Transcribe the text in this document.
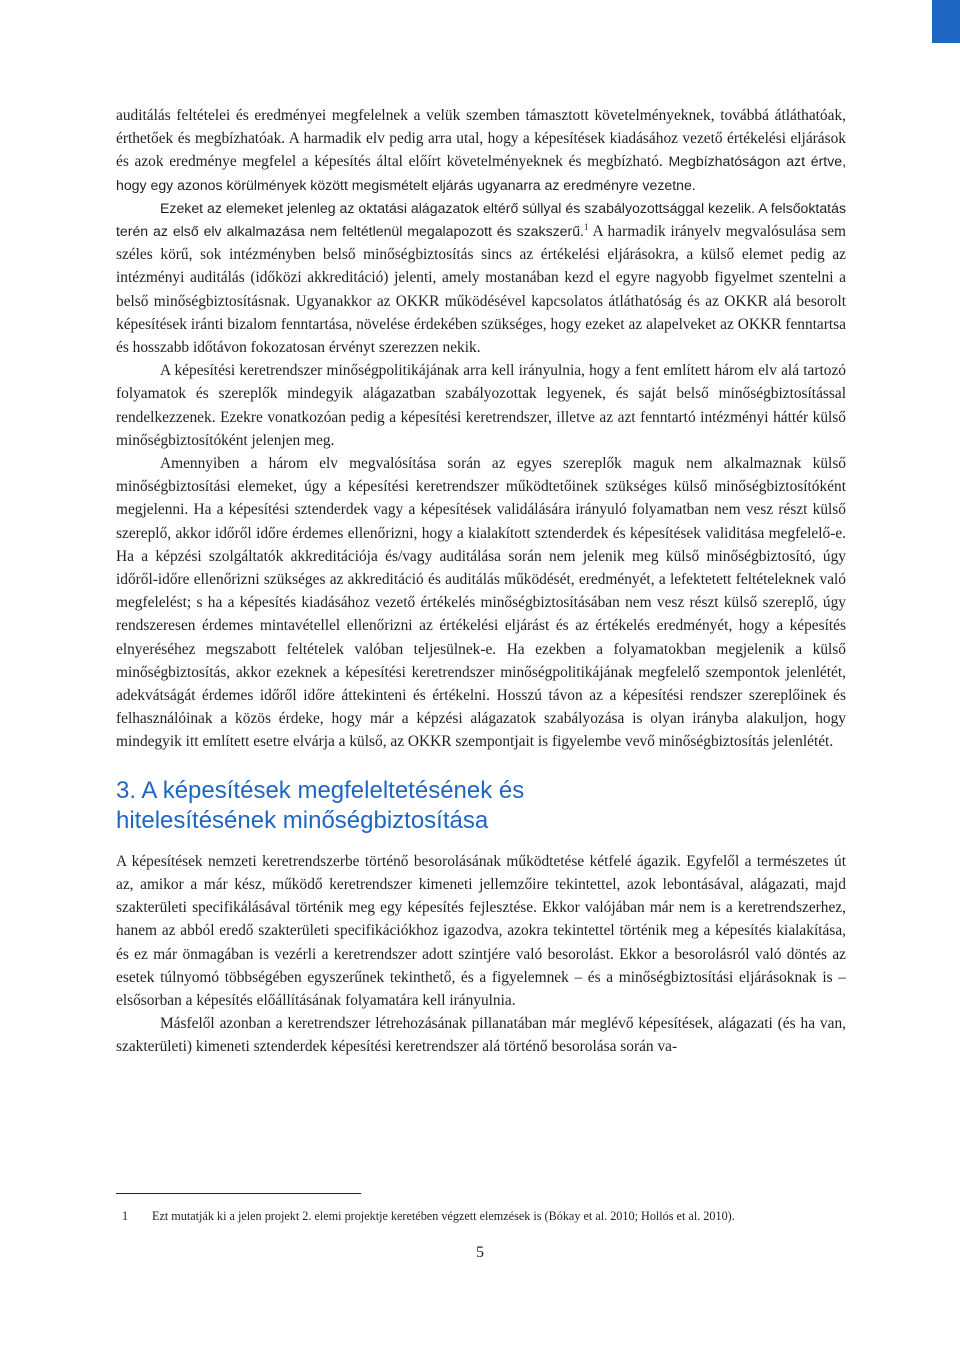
auditálás feltételei és eredményei megfelelnek a velük szemben támasztott követelményeknek, továbbá átláthatóak, érthetőek és megbízhatóak. A harmadik elv pedig arra utal, hogy a képesítések kiadásához vezető értékelési eljárások és azok eredménye megfelel a képesítés által előírt követelményeknek és megbízható. Megbízhatóságon azt értve, hogy egy azonos körülmények között megismételt eljárás ugyanarra az eredményre vezetne.

Ezeket az elemeket jelenleg az oktatási alágazatok eltérő súllyal és szabályozottsággal kezelik. A felsőoktatás terén az első elv alkalmazása nem feltétlenül megalapozott és szakszerű.$^1$ A harmadik irányelv megvalósulása sem széles körű, sok intézményben belső minőségbiztosítás sincs az értékelési eljárásokra, a külső elemet pedig az intézményi auditálás (időközi akkreditáció) jelenti, amely mostanában kezd el egyre nagyobb figyelmet szentelni a belső minőségbiztosításnak. Ugyanakkor az OKKR működésével kapcsolatos átláthatóság és az OKKR alá besorolt képesítések iránti bizalom fenntartása, növelése érdekében szükséges, hogy ezeket az alapelveket az OKKR fenntartsa és hosszabb időtávon fokozatosan érvényt szerezzen nekik.

A képesítési keretrendszer minőségpolitikájának arra kell irányulnia, hogy a fent említett három elv alá tartozó folyamatok és szereplők mindegyik alágazatban szabályozottak legyenek, és saját belső minőségbiztosítással rendelkezzenek. Ezekre vonatkozóan pedig a képesítési keretrendszer, illetve az azt fenntartó intézményi háttér külső minőségbiztosítóként jelenjen meg.

Amennyiben a három elv megvalósítása során az egyes szereplők maguk nem alkalmaznak külső minőségbiztosítási elemeket, úgy a képesítési keretrendszer működtetőinek szükséges külső minőségbiztosítóként megjelenni. Ha a képesítési sztenderdek vagy a képesítések validálására irányuló folyamatban nem vesz részt külső szereplő, akkor időről időre érdemes ellenőrizni, hogy a kialakított sztenderdek és képesítések validitása megfelelő-e. Ha a képzési szolgáltatók akkreditációja és/vagy auditálása során nem jelenik meg külső minőségbiztosító, úgy időről-időre ellenőrizni szükséges az akkreditáció és auditálás működését, eredményét, a lefektetett feltételeknek való megfelelést; s ha a képesítés kiadásához vezető értékelés minőségbiztosításában nem vesz részt külső szereplő, úgy rendszeresen érdemes mintavétellel ellenőrizni az értékelési eljárást és az értékelés eredményét, hogy a képesítés elnyeréséhez megszabott feltételek valóban teljesülnek-e. Ha ezekben a folyamatokban megjelenik a külső minőségbiztosítás, akkor ezeknek a képesítési keretrendszer minőségpolitikájának megfelelő szempontok jelenlétét, adekvátságát érdemes időről időre áttekinteni és értékelni. Hosszú távon az a képesítési rendszer szereplőinek és felhasználóinak a közös érdeke, hogy már a képzési alágazatok szabályozása is olyan irányba alakuljon, hogy mindegyik itt említett esetre elvárja a külső, az OKKR szempontjait is figyelembe vevő minőségbiztosítás jelenlétét.

3. A képesítések megfeleltetésének és
hitelesítésének minőségbiztosítása

A képesítések nemzeti keretrendszerbe történő besorolásának működtetése kétfelé ágazik. Egyfelől a természetes út az, amikor a már kész, működő keretrendszer kimeneti jellemzőire tekintettel, azok lebontásával, alágazati, majd szakterületi specifikálásával történik meg egy képesítés fejlesztése. Ekkor valójában már nem is a keretrendszerhez, hanem az abból eredő szakterületi specifikációkhoz igazodva, azokra tekintettel történik meg a képesítés kialakítása, és ez már önmagában is vezérli a keretrendszer adott szintjére való besorolást. Ekkor a besorolásról való döntés az esetek túlnyomó többségében egyszerűnek tekinthető, és a figyelemnek – és a minőségbiztosítási eljárásoknak is – elsősorban a képesítés előállításának folyamatára kell irányulnia.

Másfelől azonban a keretrendszer létrehozásának pillanatában már meglévő képesítések, alágazati (és ha van, szakterületi) kimeneti sztenderdek képesítési keretrendszer alá történő besorolása során va-

1 Ezt mutatják ki a jelen projekt 2. elemi projektje keretében végzett elemzések is (Bókay et al. 2010; Hollós et al. 2010).
5
